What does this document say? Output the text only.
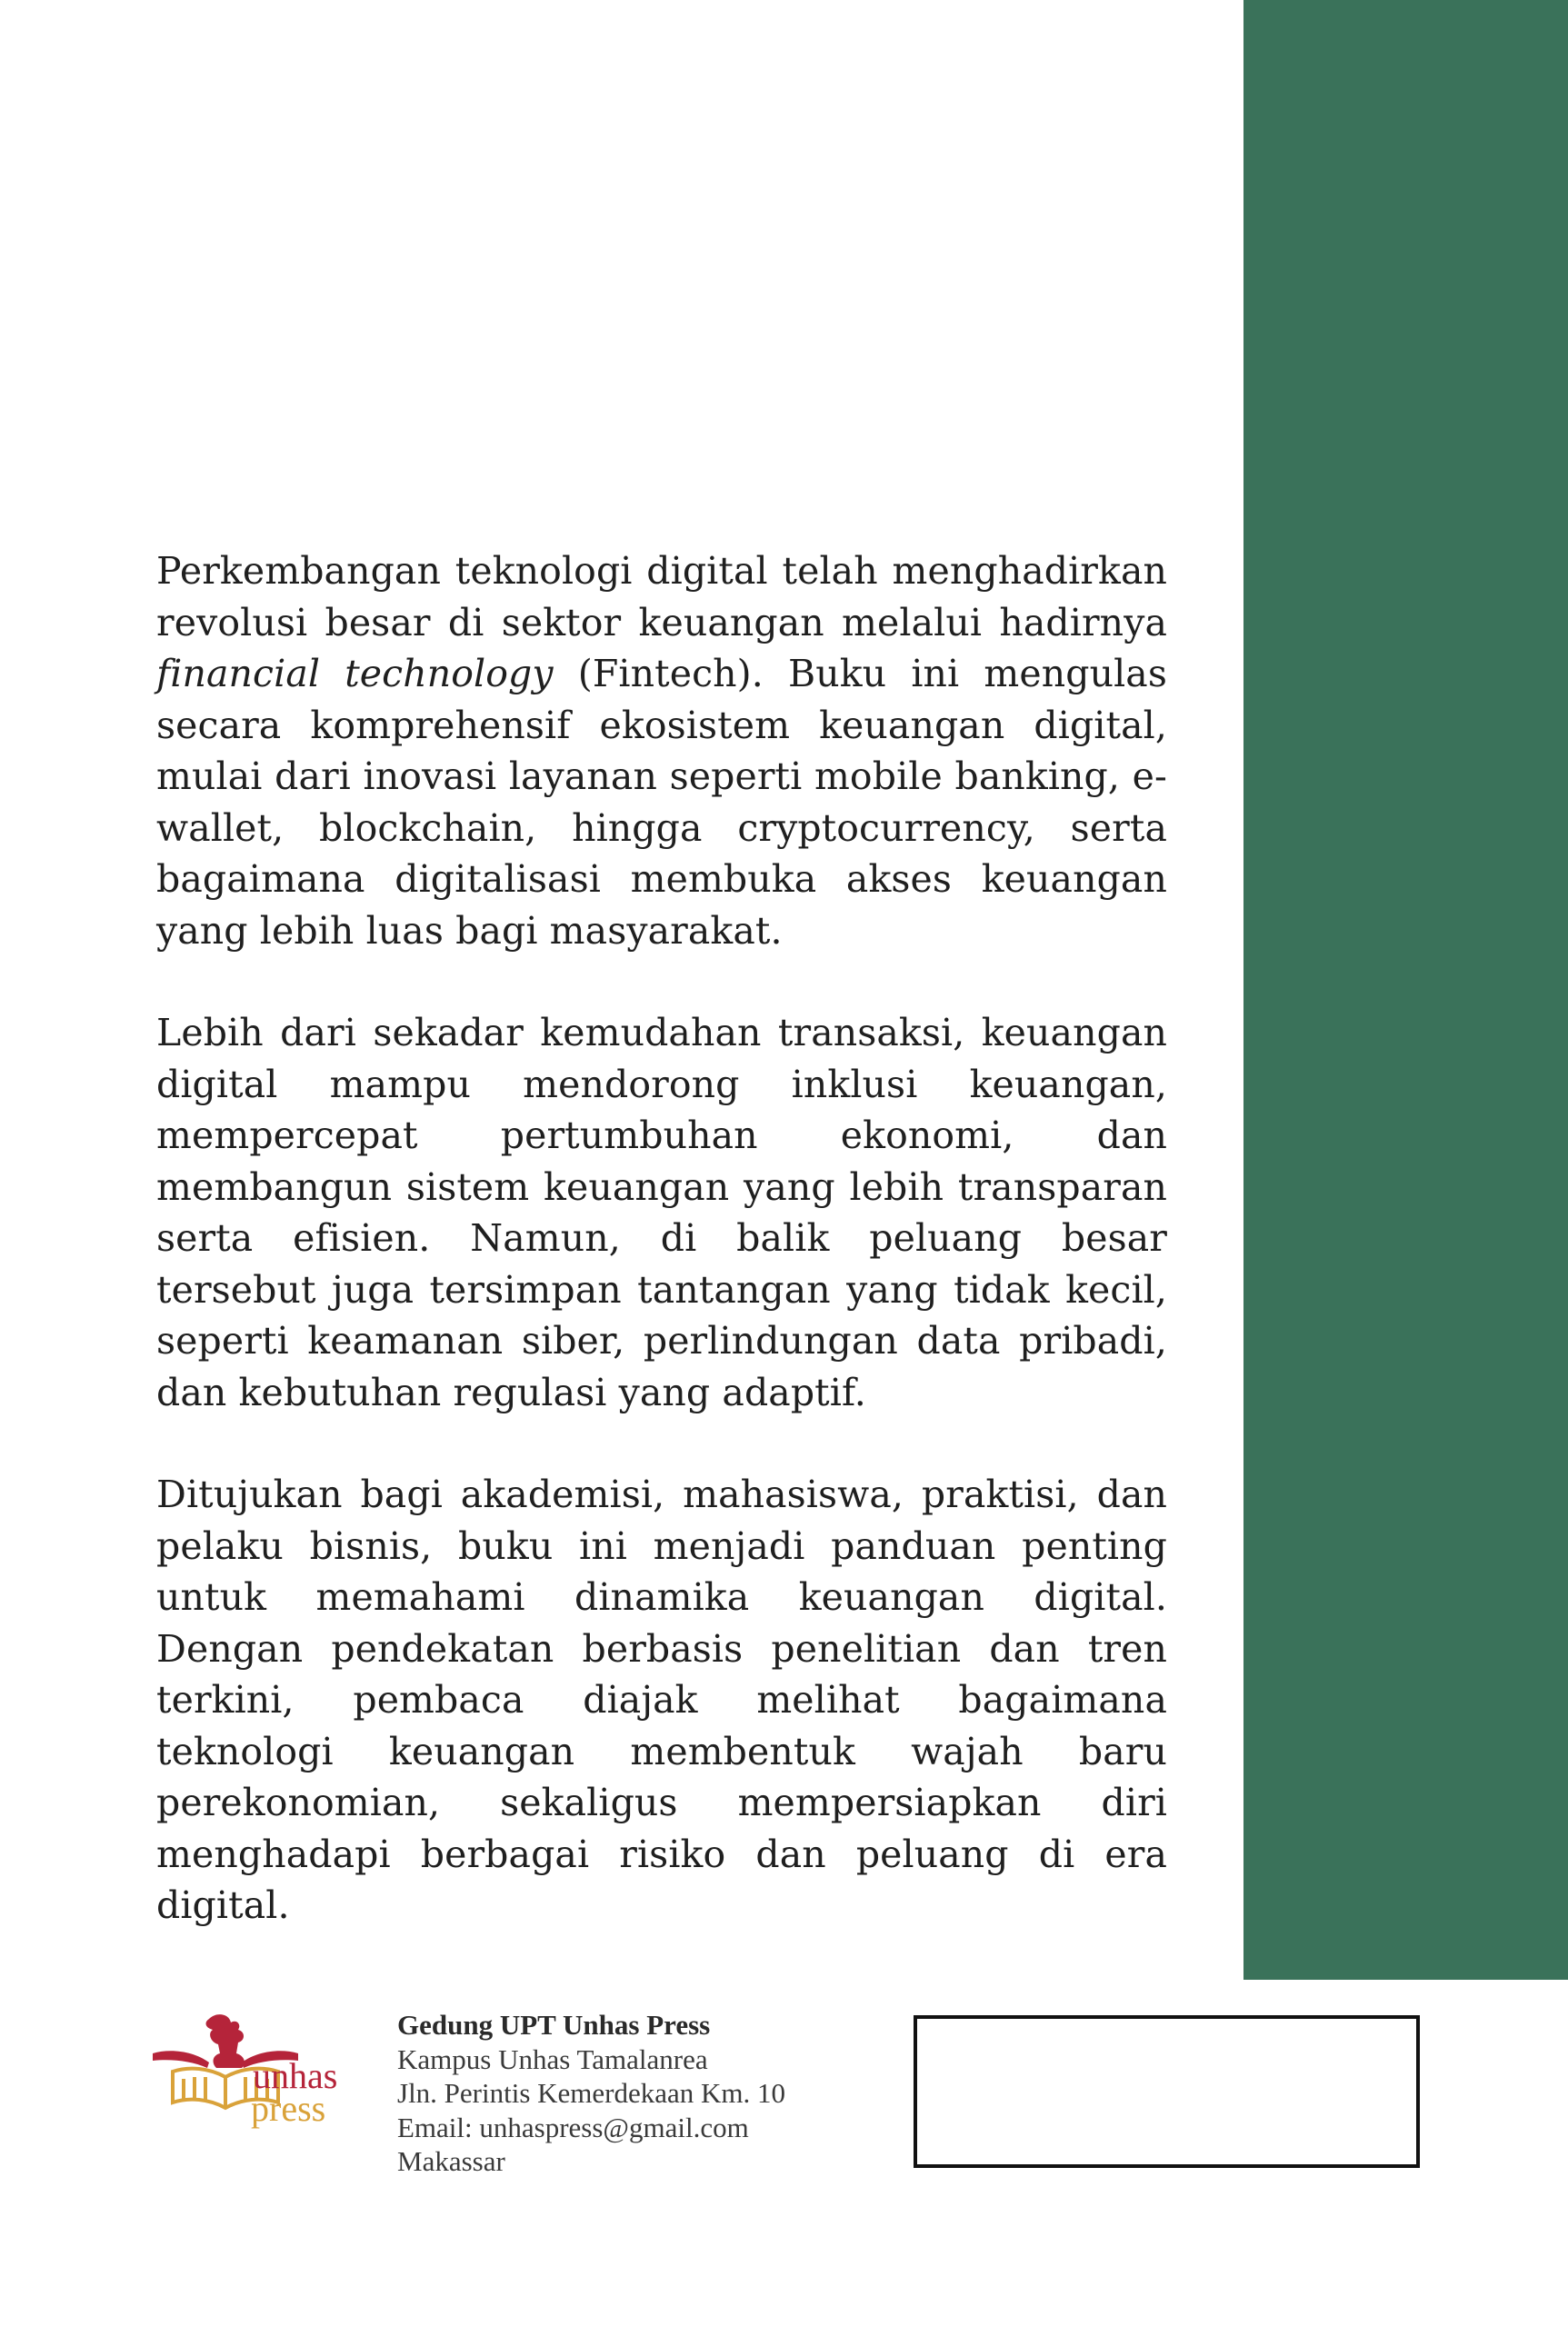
Perkembangan teknologi digital telah menghadirkan revolusi besar di sektor keuangan melalui hadirnya financial technology (Fintech). Buku ini mengulas secara komprehensif ekosistem keuangan digital, mulai dari inovasi layanan seperti mobile banking, e-wallet, blockchain, hingga cryptocurrency, serta bagaimana digitalisasi membuka akses keuangan yang lebih luas bagi masyarakat.

Lebih dari sekadar kemudahan transaksi, keuangan digital mampu mendorong inklusi keuangan, mempercepat pertumbuhan ekonomi, dan membangun sistem keuangan yang lebih transparan serta efisien. Namun, di balik peluang besar tersebut juga tersimpan tantangan yang tidak kecil, seperti keamanan siber, perlindungan data pribadi, dan kebutuhan regulasi yang adaptif.

Ditujukan bagi akademisi, mahasiswa, praktisi, dan pelaku bisnis, buku ini menjadi panduan penting untuk memahami dinamika keuangan digital. Dengan pendekatan berbasis penelitian dan tren terkini, pembaca diajak melihat bagaimana teknologi keuangan membentuk wajah baru perekonomian, sekaligus mempersiapkan diri menghadapi berbagai risiko dan peluang di era digital.

unhas
press
Gedung UPT Unhas Press
Kampus Unhas Tamalanrea
Jln. Perintis Kemerdekaan Km. 10
Email: unhaspress@gmail.com
Makassar
